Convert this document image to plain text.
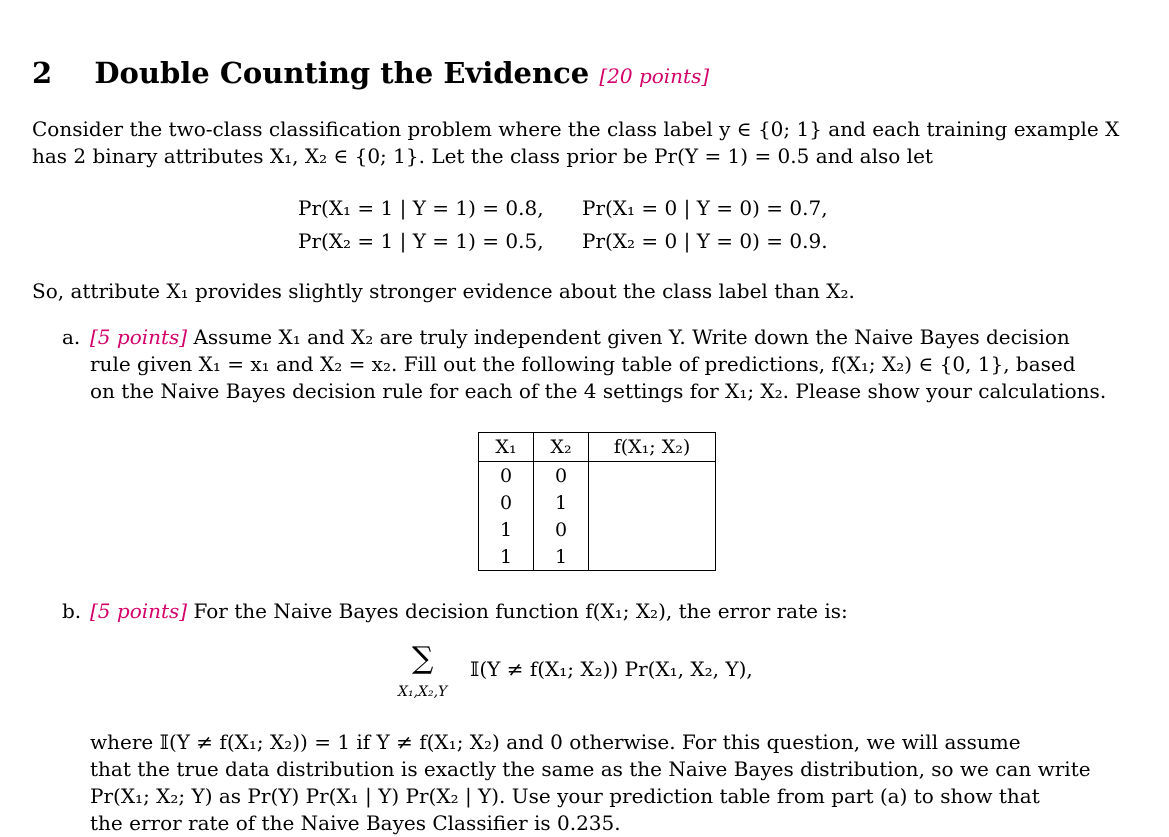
2 Double Counting the Evidence [20 points]
Consider the two-class classification problem where the class label y ∈ {0; 1} and each training example X
has 2 binary attributes X₁, X₂ ∈ {0; 1}. Let the class prior be Pr(Y = 1) = 0.5 and also let
Pr(X₁ = 1 | Y = 1) = 0.8, Pr(X₁ = 0 | Y = 0) = 0.7,
Pr(X₂ = 1 | Y = 1) = 0.5, Pr(X₂ = 0 | Y = 0) = 0.9.
So, attribute X₁ provides slightly stronger evidence about the class label than X₂.
a. [5 points] Assume X₁ and X₂ are truly independent given Y. Write down the Naive Bayes decision
rule given X₁ = x₁ and X₂ = x₂. Fill out the following table of predictions, f(X₁; X₂) ∈ {0, 1}, based
on the Naive Bayes decision rule for each of the 4 settings for X₁; X₂. Please show your calculations.
X₁	X₂	f(X₁; X₂)
0	0	
0	1	
1	0	
1	1	
b. [5 points] For the Naive Bayes decision function f(X₁; X₂), the error rate is:
∑ 𝕀(Y ≠ f(X₁; X₂)) Pr(X₁, X₂, Y),
X₁,X₂,Y
where 𝕀(Y ≠ f(X₁; X₂)) = 1 if Y ≠ f(X₁; X₂) and 0 otherwise. For this question, we will assume
that the true data distribution is exactly the same as the Naive Bayes distribution, so we can write
Pr(X₁; X₂; Y) as Pr(Y) Pr(X₁ | Y) Pr(X₂ | Y). Use your prediction table from part (a) to show that
the error rate of the Naive Bayes Classifier is 0.235.
